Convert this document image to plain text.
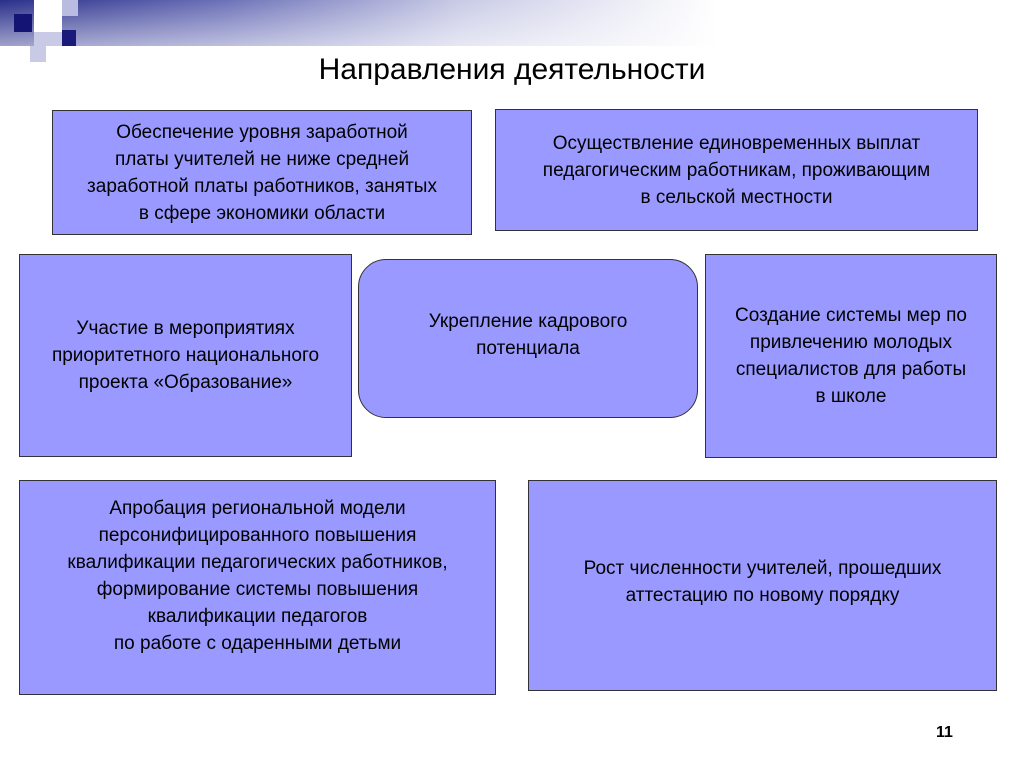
Направления деятельности
Обеспечение уровня заработной
платы учителей не ниже средней
заработной платы работников, занятых
в сфере экономики области
Осуществление единовременных выплат
педагогическим работникам, проживающим
в сельской местности
Участие в мероприятиях
приоритетного национального
проекта «Образование»
Укрепление кадрового
потенциала
Создание системы мер по
привлечению молодых
специалистов для работы
в школе
Апробация региональной модели
персонифицированного повышения
квалификации педагогических работников,
формирование системы повышения
квалификации педагогов
по работе с одаренными детьми
Рост численности учителей, прошедших
аттестацию по новому порядку
11
